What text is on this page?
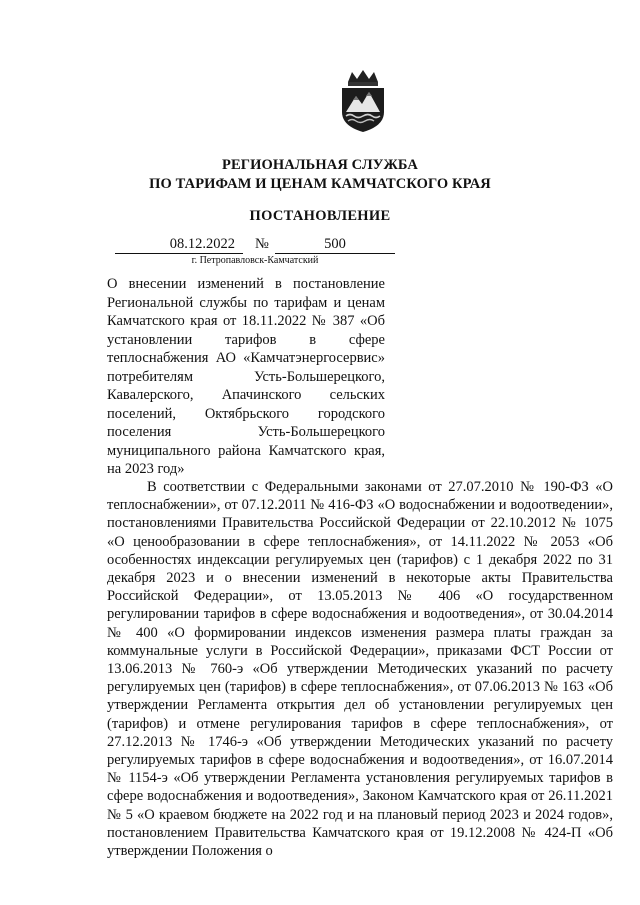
РЕГИОНАЛЬНАЯ СЛУЖБА
ПО ТАРИФАМ И ЦЕНАМ КАМЧАТСКОГО КРАЯ
ПОСТАНОВЛЕНИЕ
08.12.2022	№	500
г. Петропавловск-Камчатский
О внесении изменений в постановление Региональной службы по тарифам и ценам Камчатского края от 18.11.2022 № 387 «Об установлении тарифов в сфере теплоснабжения АО «Камчатэнергосервис» потребителям Усть-Большерецкого, Кавалерского, Апачинского сельских поселений, Октябрьского городского поселения Усть-Большерецкого муниципального района Камчатского края, на 2023 год»

В соответствии с Федеральными законами от 27.07.2010 № 190-ФЗ «О теплоснабжении», от 07.12.2011 № 416-ФЗ «О водоснабжении и водоотведении», постановлениями Правительства Российской Федерации от 22.10.2012 № 1075 «О ценообразовании в сфере теплоснабжения», от 14.11.2022 № 2053 «Об особенностях индексации регулируемых цен (тарифов) с 1 декабря 2022 по 31 декабря 2023 и о внесении изменений в некоторые акты Правительства Российской Федерации», от 13.05.2013 № 406 «О государственном регулировании тарифов в сфере водоснабжения и водоотведения», от 30.04.2014 № 400 «О формировании индексов изменения размера платы граждан за коммунальные услуги в Российской Федерации», приказами ФСТ России от 13.06.2013 № 760-э «Об утверждении Методических указаний по расчету регулируемых цен (тарифов) в сфере теплоснабжения», от 07.06.2013 № 163 «Об утверждении Регламента открытия дел об установлении регулируемых цен (тарифов) и отмене регулирования тарифов в сфере теплоснабжения», от 27.12.2013 № 1746-э «Об утверждении Методических указаний по расчету регулируемых тарифов в сфере водоснабжения и водоотведения», от 16.07.2014 № 1154-э «Об утверждении Регламента установления регулируемых тарифов в сфере водоснабжения и водоотведения», Законом Камчатского края от 26.11.2021 № 5 «О краевом бюджете на 2022 год и на плановый период 2023 и 2024 годов», постановлением Правительства Камчатского края от 19.12.2008 № 424-П «Об утверждении Положения о
